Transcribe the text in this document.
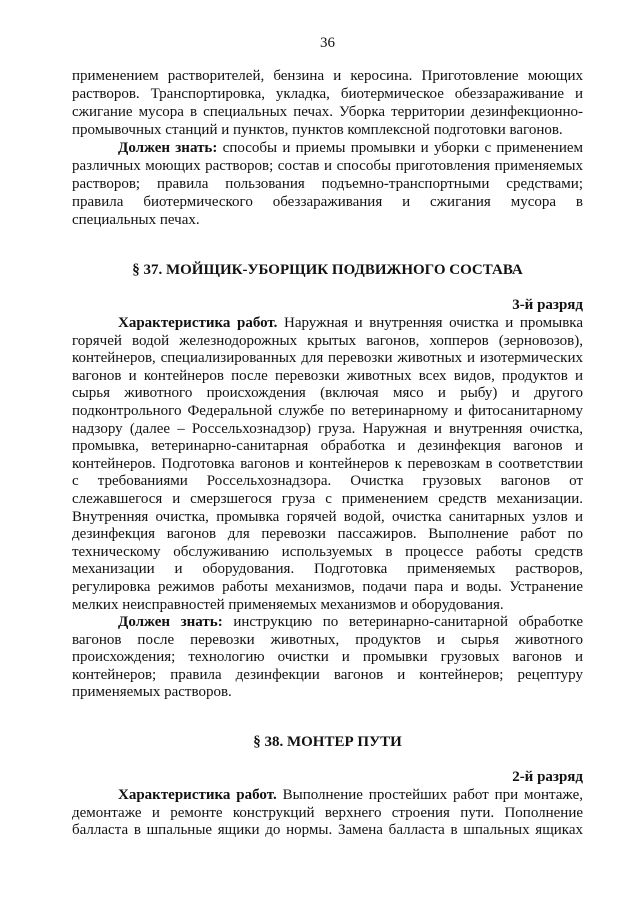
36
применением растворителей, бензина и керосина. Приготовление моющих
растворов. Транспортировка, укладка, биотермическое обеззараживание и
сжигание мусора в специальных печах. Уборка территории дезинфекционно-
промывочных станций и пунктов, пунктов комплексной подготовки вагонов.
Должен знать: способы и приемы промывки и уборки с применением
различных моющих растворов; состав и способы приготовления применяемых
растворов; правила пользования подъемно-транспортными средствами;
правила биотермического обеззараживания и сжигания мусора в
специальных печах.
§ 37. МОЙЩИК-УБОРЩИК ПОДВИЖНОГО СОСТАВА
3-й разряд
Характеристика работ. Наружная и внутренняя очистка и промывка
горячей водой железнодорожных крытых вагонов, хопперов (зерновозов),
контейнеров, специализированных для перевозки животных и изотермических
вагонов и контейнеров после перевозки животных всех видов, продуктов и
сырья животного происхождения (включая мясо и рыбу) и другого
подконтрольного Федеральной службе по ветеринарному и фитосанитарному
надзору (далее – Россельхознадзор) груза. Наружная и внутренняя очистка,
промывка, ветеринарно-санитарная обработка и дезинфекция вагонов и
контейнеров. Подготовка вагонов и контейнеров к перевозкам в соответствии
с требованиями Россельхознадзора. Очистка грузовых вагонов от
слежавшегося и смерзшегося груза с применением средств механизации.
Внутренняя очистка, промывка горячей водой, очистка санитарных узлов и
дезинфекция вагонов для перевозки пассажиров. Выполнение работ по
техническому обслуживанию используемых в процессе работы средств
механизации и оборудования. Подготовка применяемых растворов,
регулировка режимов работы механизмов, подачи пара и воды. Устранение
мелких неисправностей применяемых механизмов и оборудования.
Должен знать: инструкцию по ветеринарно-санитарной обработке
вагонов после перевозки животных, продуктов и сырья животного
происхождения; технологию очистки и промывки грузовых вагонов и
контейнеров; правила дезинфекции вагонов и контейнеров; рецептуру
применяемых растворов.
§ 38. МОНТЕР ПУТИ
2-й разряд
Характеристика работ. Выполнение простейших работ при монтаже,
демонтаже и ремонте конструкций верхнего строения пути. Пополнение
балласта в шпальные ящики до нормы. Замена балласта в шпальных ящиках
